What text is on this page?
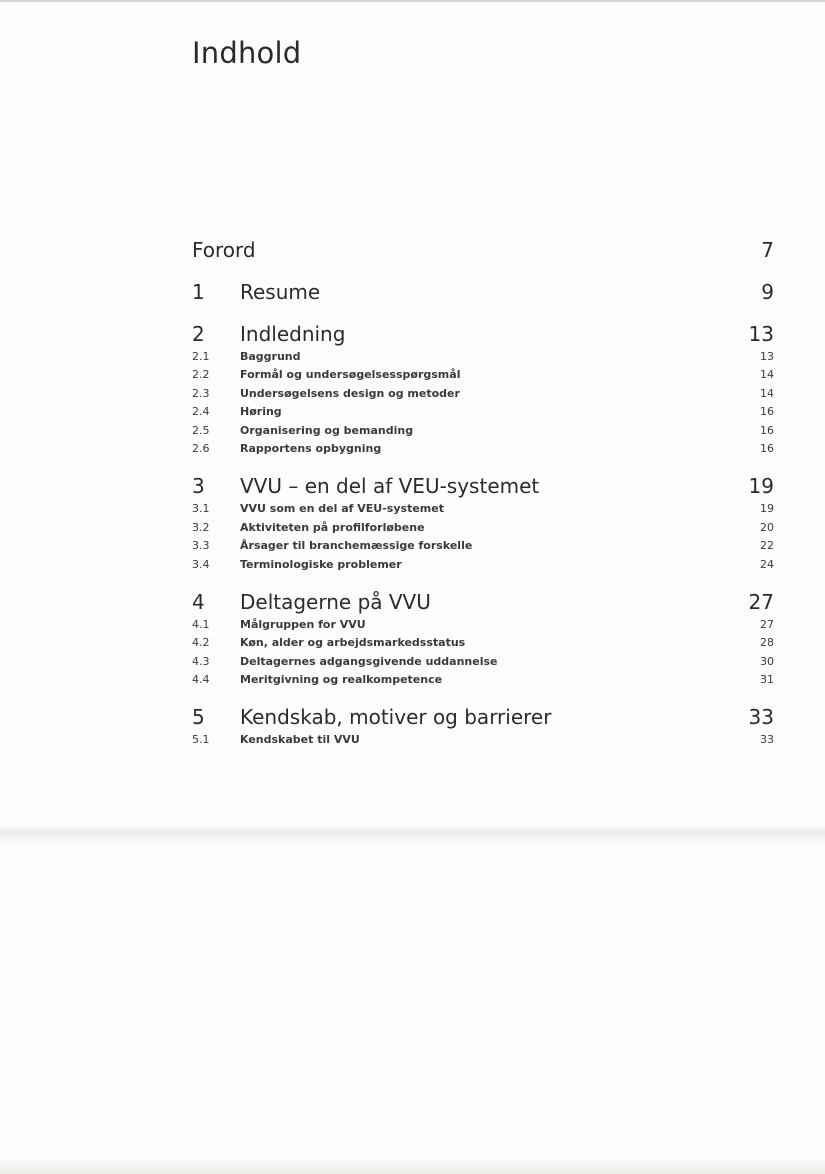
Indhold
Forord	7
1	Resume	9
2	Indledning	13
2.1	Baggrund	13
2.2	Formål og undersøgelsesspørgsmål	14
2.3	Undersøgelsens design og metoder	14
2.4	Høring	16
2.5	Organisering og bemanding	16
2.6	Rapportens opbygning	16
3	VVU – en del af VEU-systemet	19
3.1	VVU som en del af VEU-systemet	19
3.2	Aktiviteten på profilforløbene	20
3.3	Årsager til branchemæssige forskelle	22
3.4	Terminologiske problemer	24
4	Deltagerne på VVU	27
4.1	Målgruppen for VVU	27
4.2	Køn, alder og arbejdsmarkedsstatus	28
4.3	Deltagernes adgangsgivende uddannelse	30
4.4	Meritgivning og realkompetence	31
5	Kendskab, motiver og barrierer	33
5.1	Kendskabet til VVU	33
